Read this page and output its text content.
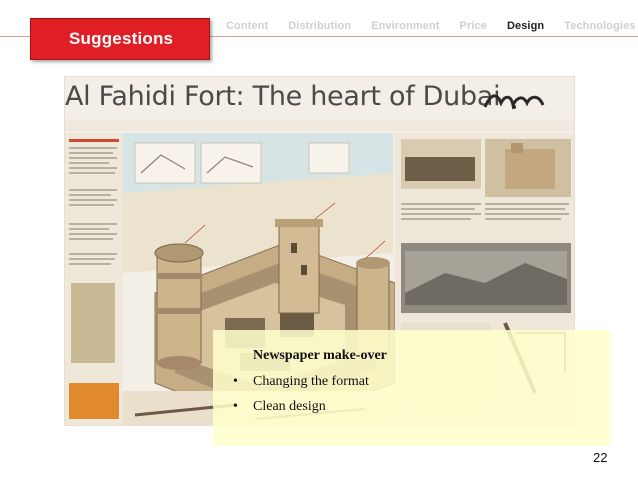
Content Distribution Environment Price Design Technologies
Suggestions
Al Fahidi Fort: The heart of Dubai
Newspaper make-over
•	Changing the format
•	Clean design
22
